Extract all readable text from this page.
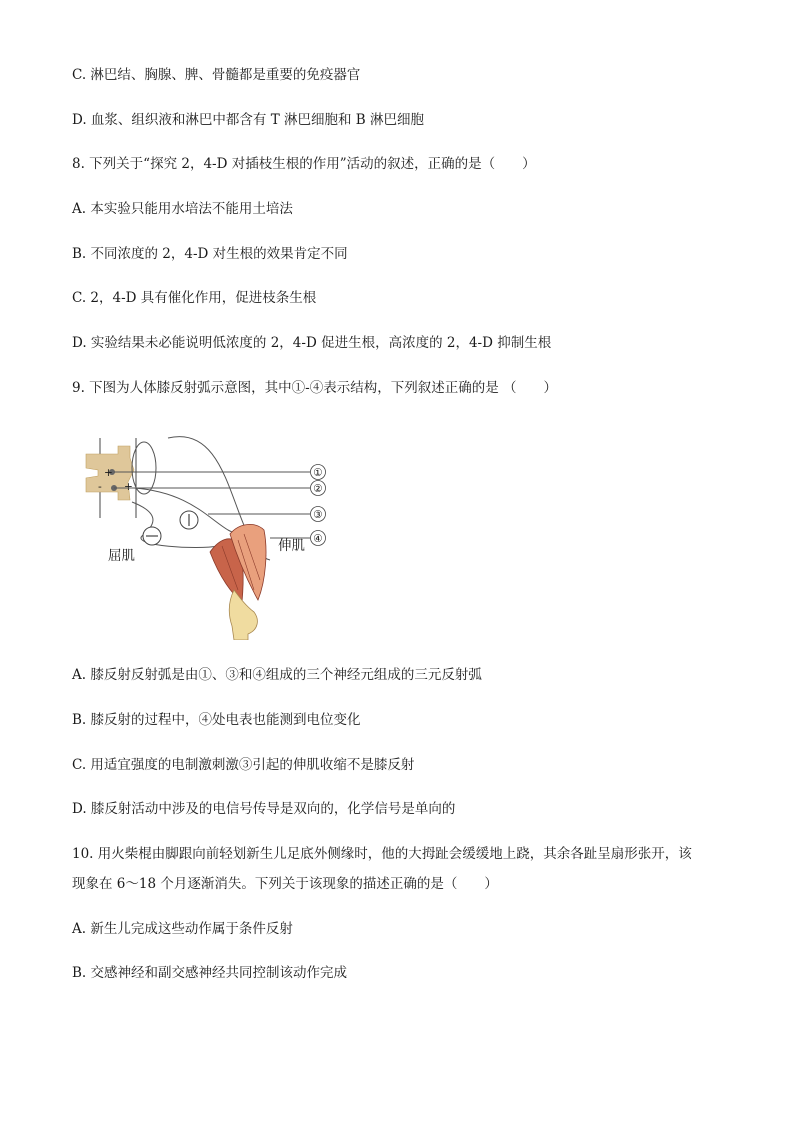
C. 淋巴结、胸腺、脾、骨髓都是重要的免疫器官
D. 血浆、组织液和淋巴中都含有 T 淋巴细胞和 B 淋巴细胞
8. 下列关于“探究 2，4-D 对插枝生根的作用”活动的叙述，正确的是（　　）
A. 本实验只能用水培法不能用土培法
B. 不同浓度的 2，4-D 对生根的效果肯定不同
C. 2，4-D 具有催化作用，促进枝条生根
D. 实验结果未必能说明低浓度的 2，4-D 促进生根，高浓度的 2，4-D 抑制生根
9. 下图为人体膝反射弧示意图，其中①-④表示结构，下列叙述正确的是 （　　）
+
+
-
①
②
③
④
伸肌
屈肌
A. 膝反射反射弧是由①、③和④组成的三个神经元组成的三元反射弧
B. 膝反射的过程中，④处电表也能测到电位变化
C. 用适宜强度的电制激刺激③引起的伸肌收缩不是膝反射
D. 膝反射活动中涉及的电信号传导是双向的，化学信号是单向的
10. 用火柴棍由脚跟向前轻划新生儿足底外侧缘时，他的大拇趾会缓缓地上跷，其余各趾呈扇形张开，该
现象在 6～18 个月逐渐消失。下列关于该现象的描述正确的是（　　）
A. 新生儿完成这些动作属于条件反射
B. 交感神经和副交感神经共同控制该动作完成
